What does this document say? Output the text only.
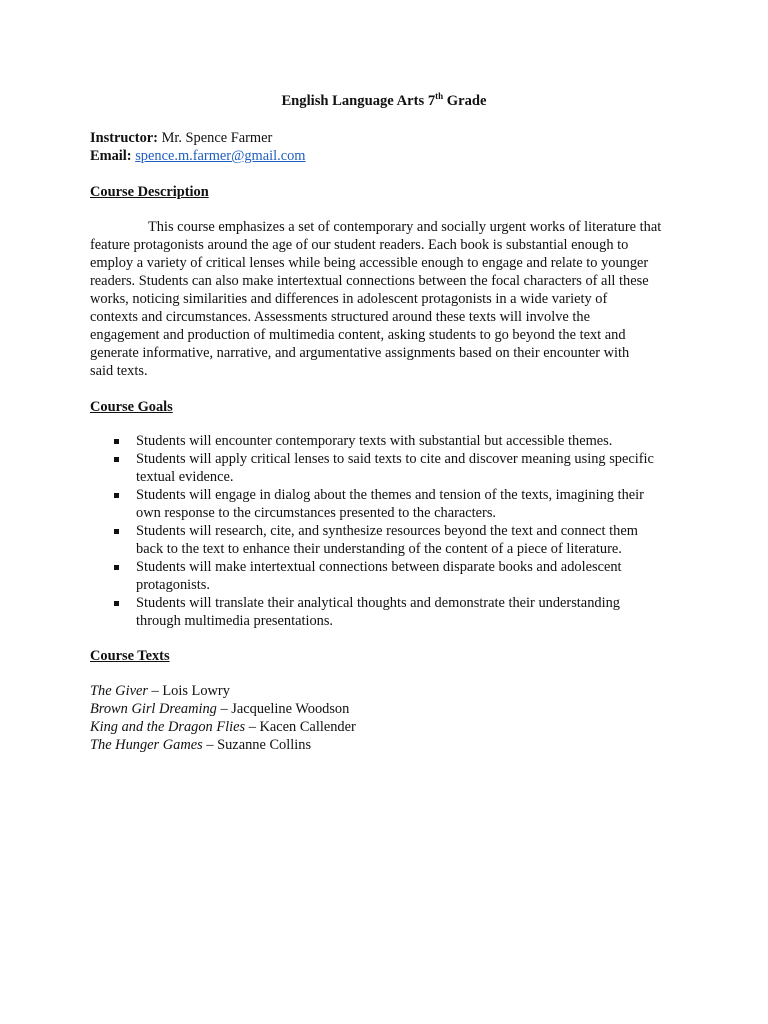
English Language Arts 7th Grade
Instructor: Mr. Spence Farmer
Email: spence.m.farmer@gmail.com
Course Description
This course emphasizes a set of contemporary and socially urgent works of literature that
feature protagonists around the age of our student readers. Each book is substantial enough to
employ a variety of critical lenses while being accessible enough to engage and relate to younger
readers. Students can also make intertextual connections between the focal characters of all these
works, noticing similarities and differences in adolescent protagonists in a wide variety of
contexts and circumstances. Assessments structured around these texts will involve the
engagement and production of multimedia content, asking students to go beyond the text and
generate informative, narrative, and argumentative assignments based on their encounter with
said texts.
Course Goals
Students will encounter contemporary texts with substantial but accessible themes.
Students will apply critical lenses to said texts to cite and discover meaning using specific
textual evidence.
Students will engage in dialog about the themes and tension of the texts, imagining their
own response to the circumstances presented to the characters.
Students will research, cite, and synthesize resources beyond the text and connect them
back to the text to enhance their understanding of the content of a piece of literature.
Students will make intertextual connections between disparate books and adolescent
protagonists.
Students will translate their analytical thoughts and demonstrate their understanding
through multimedia presentations.
Course Texts
The Giver – Lois Lowry
Brown Girl Dreaming – Jacqueline Woodson
King and the Dragon Flies – Kacen Callender
The Hunger Games – Suzanne Collins
